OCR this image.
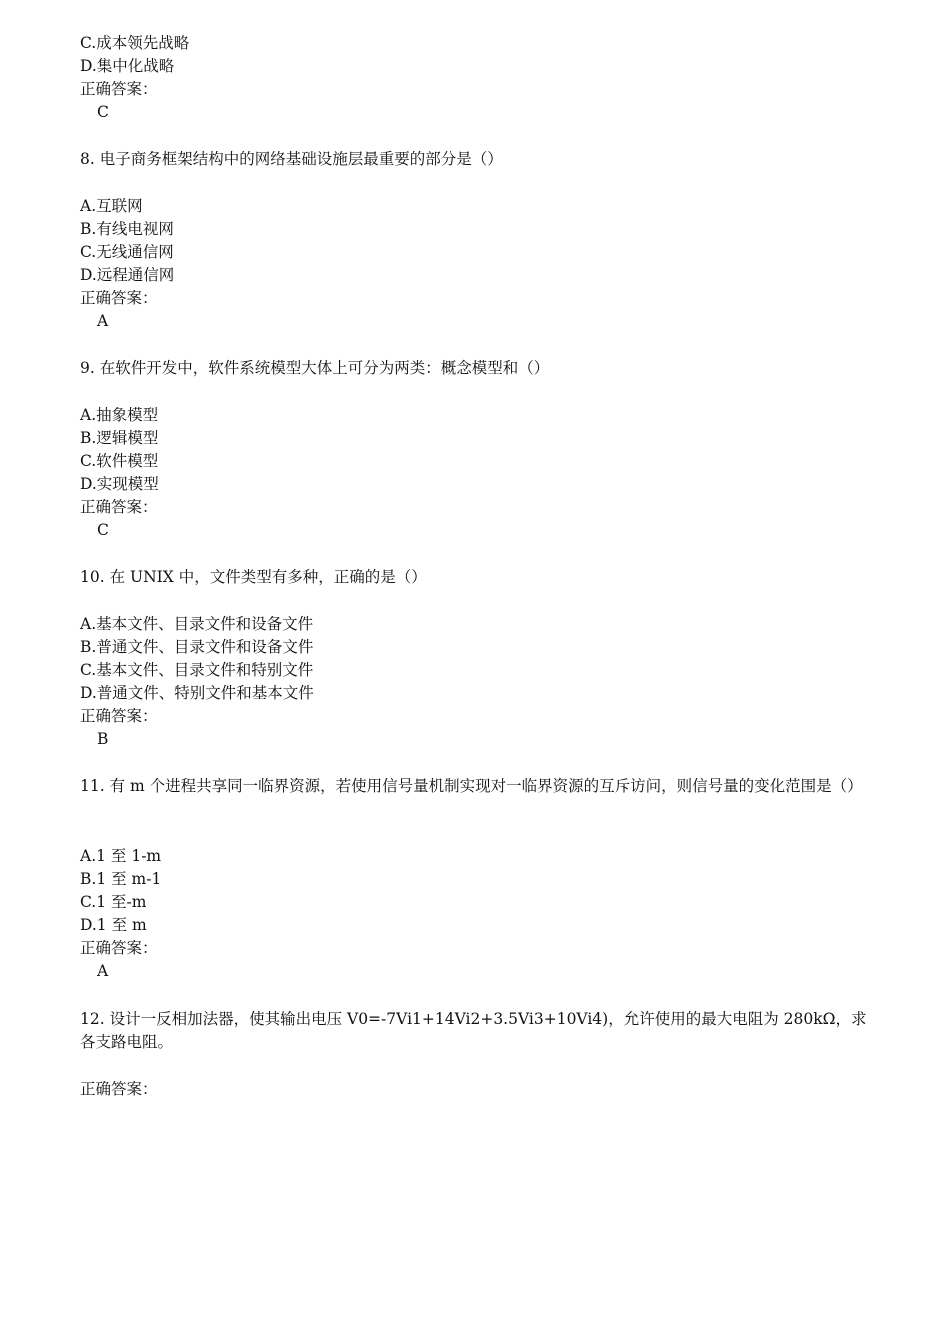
C.成本领先战略
D.集中化战略
正确答案：
C
8. 电子商务框架结构中的网络基础设施层最重要的部分是（）
A.互联网
B.有线电视网
C.无线通信网
D.远程通信网
正确答案：
A
9. 在软件开发中，软件系统模型大体上可分为两类：概念模型和（）
A.抽象模型
B.逻辑模型
C.软件模型
D.实现模型
正确答案：
C
10. 在 UNIX 中，文件类型有多种，正确的是（）
A.基本文件、目录文件和设备文件
B.普通文件、目录文件和设备文件
C.基本文件、目录文件和特别文件
D.普通文件、特别文件和基本文件
正确答案：
B
11. 有 m 个进程共享同一临界资源，若使用信号量机制实现对一临界资源的互斥访问，则信号量的变化范围是（）
A.1 至 1-m
B.1 至 m-1
C.1 至-m
D.1 至 m
正确答案：
A
12. 设计一反相加法器，使其输出电压 V0=-7Vi1+14Vi2+3.5Vi3+10Vi4)，允许使用的最大电阻为 280kΩ，求各支路电阻。
正确答案：
